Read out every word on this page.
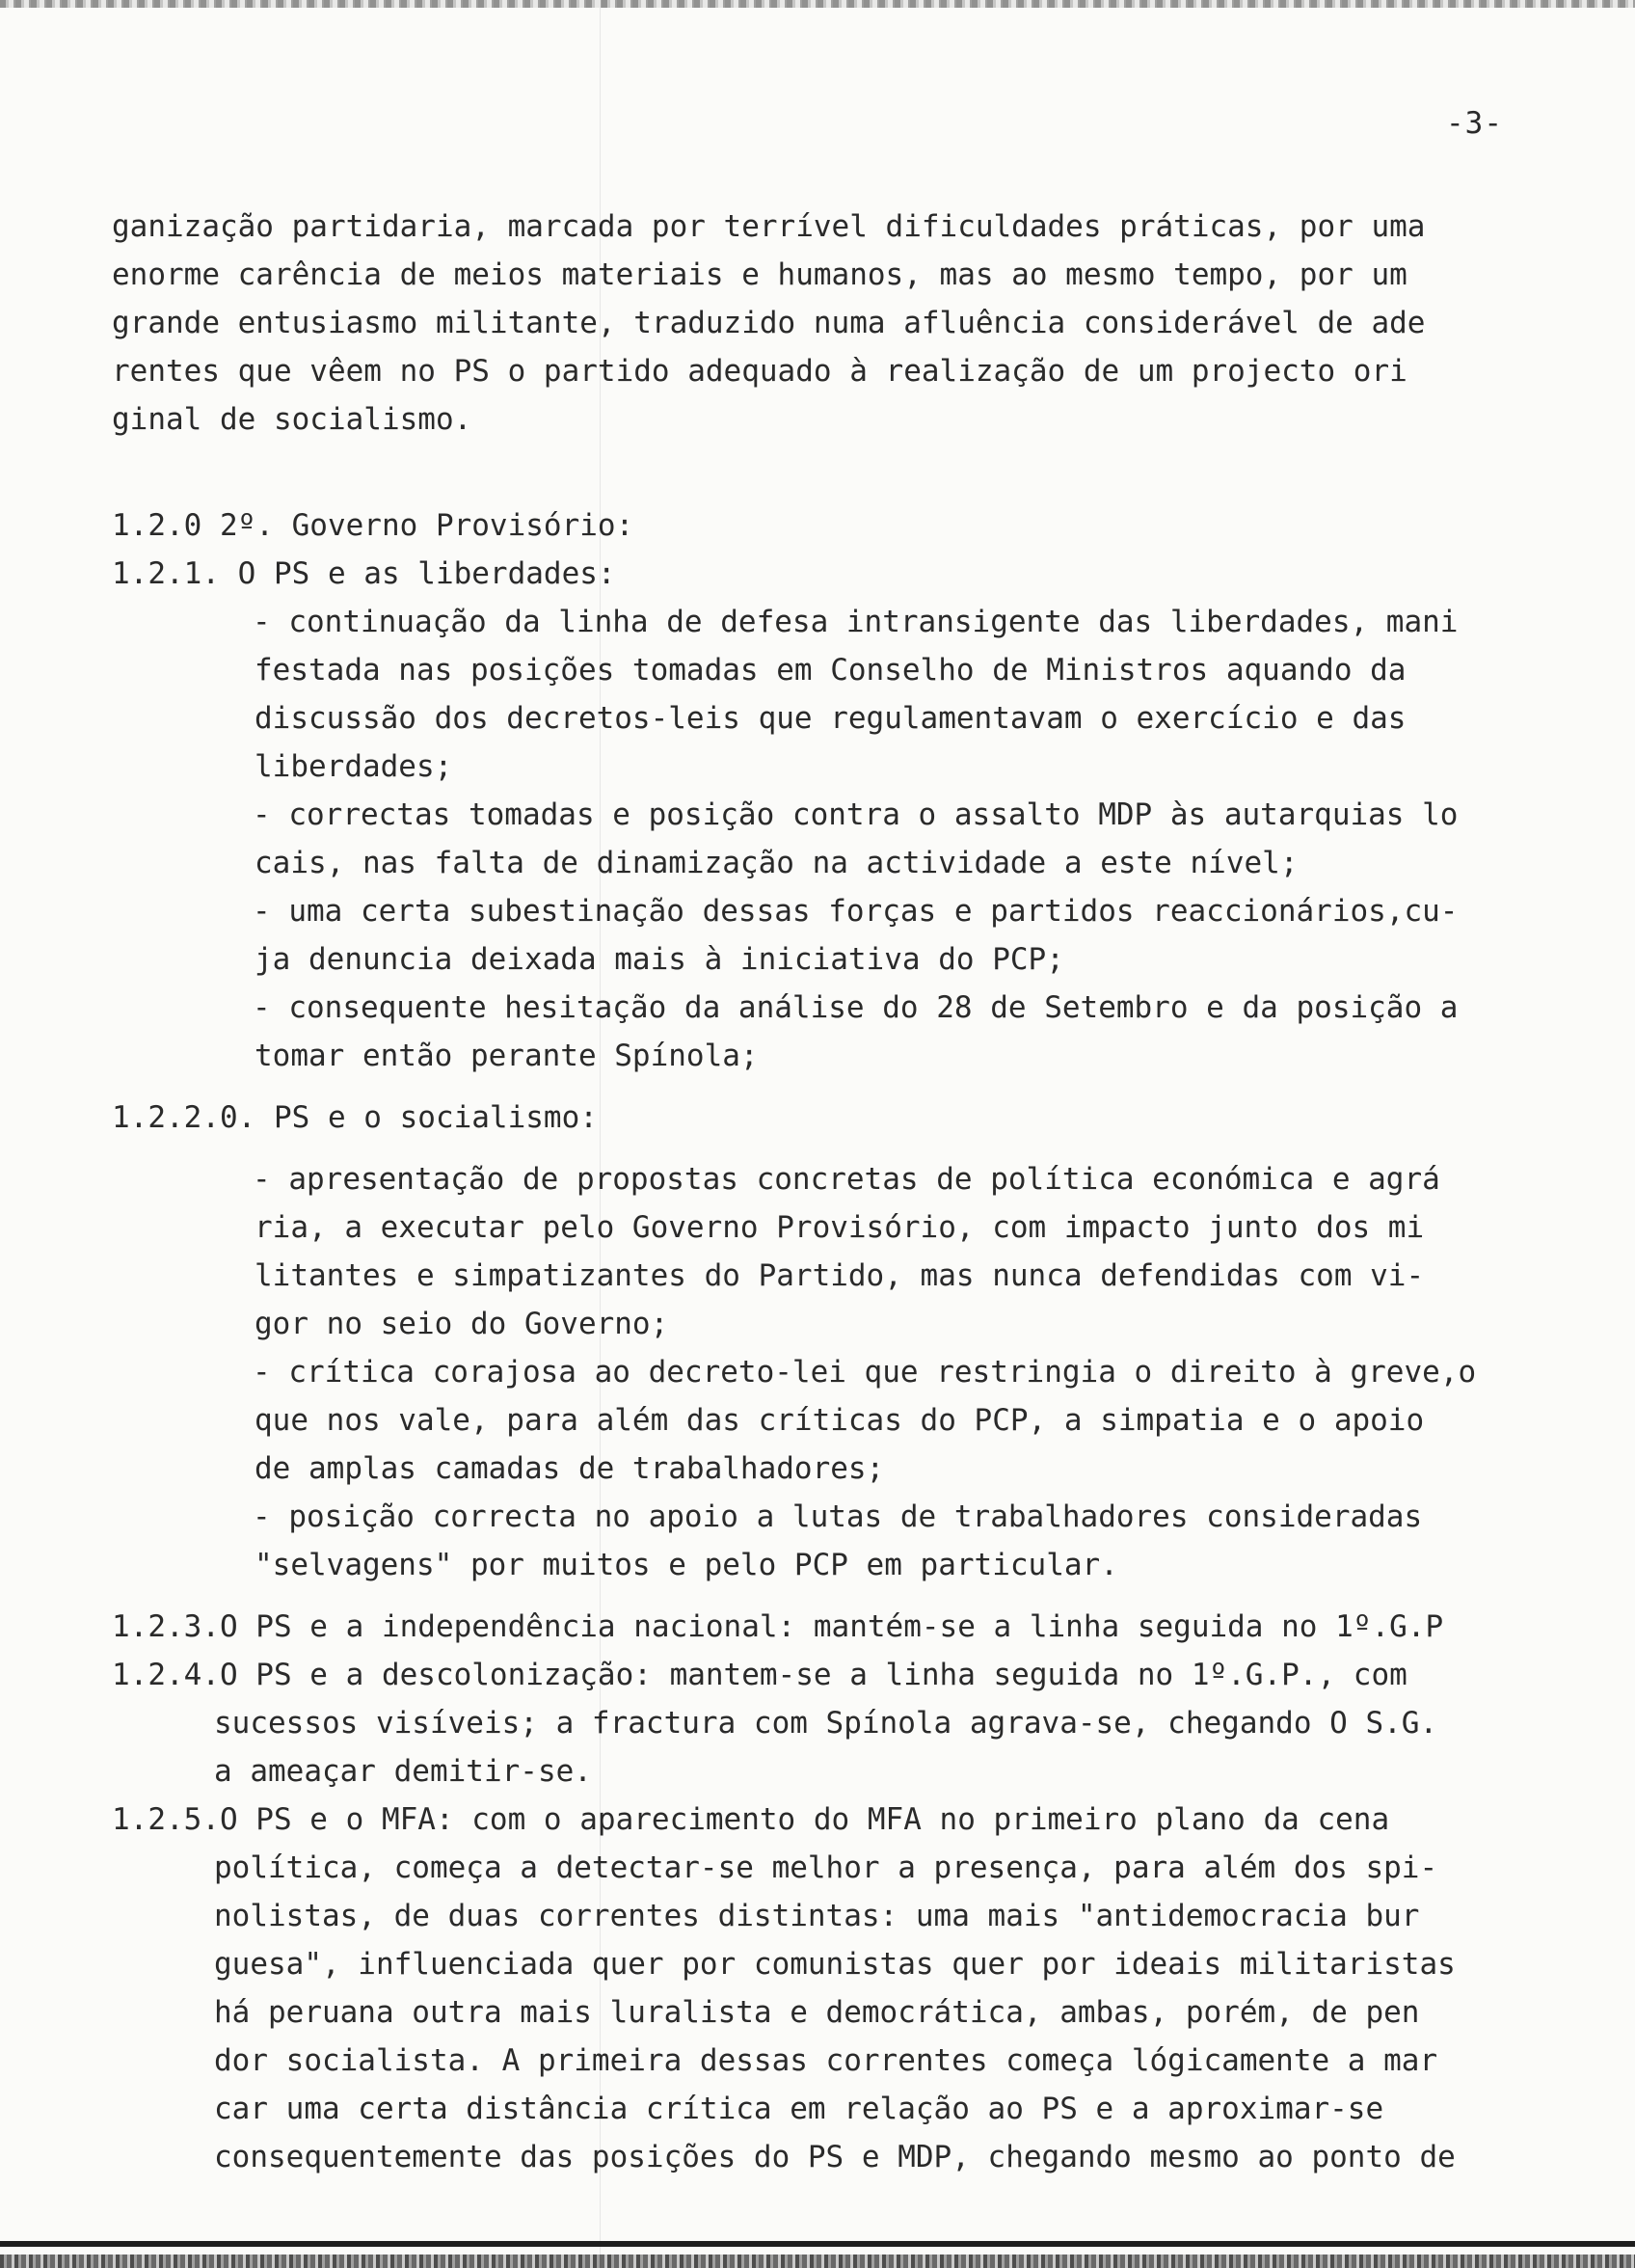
-3-
ganização partidaria, marcada por terrível dificuldades práticas, por uma
enorme carência de meios materiais e humanos, mas ao mesmo tempo, por um
grande entusiasmo militante, traduzido numa afluência considerável de ade
rentes que vêem no PS o partido adequado à realização de um projecto ori
ginal de socialismo.
1.2.0 2º. Governo Provisório:
1.2.1. O PS e as liberdades:
- continuação da linha de defesa intransigente das liberdades, mani
festada nas posições tomadas em Conselho de Ministros aquando da
discussão dos decretos-leis que regulamentavam o exercício e das
liberdades;
- correctas tomadas e posição contra o assalto MDP às autarquias lo
cais, nas falta de dinamização na actividade a este nível;
- uma certa subestinação dessas forças e partidos reaccionários,cu-
ja denuncia deixada mais à iniciativa do PCP;
- consequente hesitação da análise do 28 de Setembro e da posição a
tomar então perante Spínola;
1.2.2.0. PS e o socialismo:
- apresentação de propostas concretas de política económica e agrá
ria, a executar pelo Governo Provisório, com impacto junto dos mi
litantes e simpatizantes do Partido, mas nunca defendidas com vi-
gor no seio do Governo;
- crítica corajosa ao decreto-lei que restringia o direito à greve,o
que nos vale, para além das críticas do PCP, a simpatia e o apoio
de amplas camadas de trabalhadores;
- posição correcta no apoio a lutas de trabalhadores consideradas
"selvagens" por muitos e pelo PCP em particular.
1.2.3.O PS e a independência nacional: mantém-se a linha seguida no 1º.G.P
1.2.4.O PS e a descolonização: mantem-se a linha seguida no 1º.G.P., com
sucessos visíveis; a fractura com Spínola agrava-se, chegando O S.G.
a ameaçar demitir-se.
1.2.5.O PS e o MFA: com o aparecimento do MFA no primeiro plano da cena
política, começa a detectar-se melhor a presença, para além dos spi-
nolistas, de duas correntes distintas: uma mais "antidemocracia bur
guesa", influenciada quer por comunistas quer por ideais militaristas
há peruana outra mais luralista e democrática, ambas, porém, de pen
dor socialista. A primeira dessas correntes começa lógicamente a mar
car uma certa distância crítica em relação ao PS e a aproximar-se
consequentemente das posições do PS e MDP, chegando mesmo ao ponto de
